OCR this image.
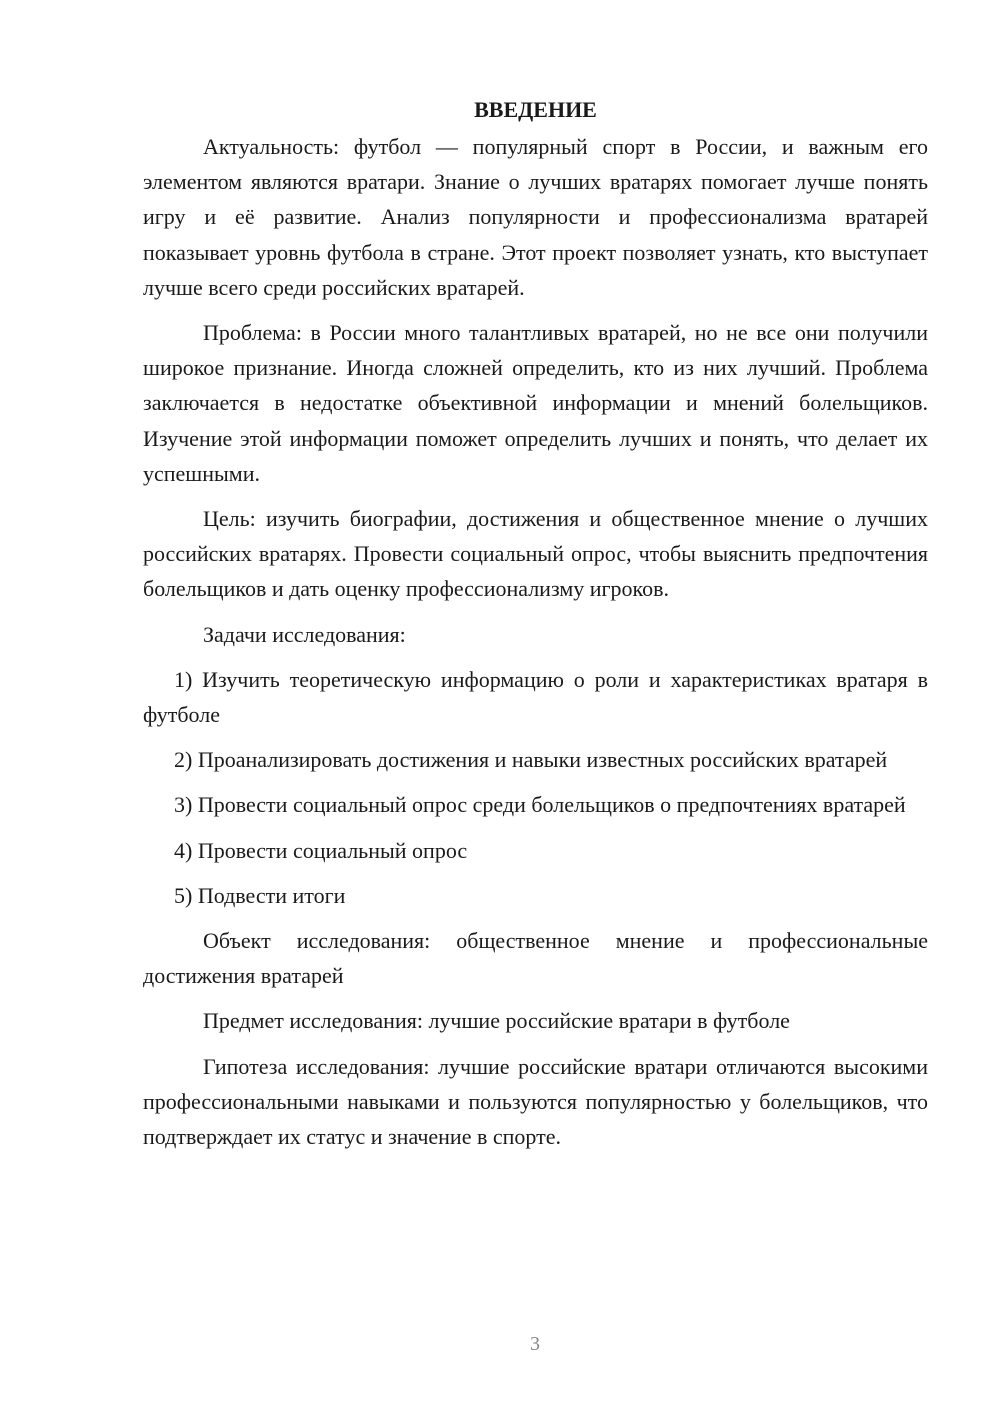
ВВЕДЕНИЕ

Актуальность: футбол — популярный спорт в России, и важным его элементом являются вратари. Знание о лучших вратарях помогает лучше понять игру и её развитие. Анализ популярности и профессионализма вратарей показывает уровнь футбола в стране. Этот проект позволяет узнать, кто выступает лучше всего среди российских вратарей.

Проблема: в России много талантливых вратарей, но не все они получили широкое признание. Иногда сложней определить, кто из них лучший. Проблема заключается в недостатке объективной информации и мнений болельщиков. Изучение этой информации поможет определить лучших и понять, что делает их успешными.

Цель: изучить биографии, достижения и общественное мнение о лучших российских вратарях. Провести социальный опрос, чтобы выяснить предпочтения болельщиков и дать оценку профессионализму игроков.

Задачи исследования:

1) Изучить теоретическую информацию о роли и характеристиках вратаря в футболе

2) Проанализировать достижения и навыки известных российских вратарей

3) Провести социальный опрос среди болельщиков о предпочтениях вратарей

4) Провести социальный опрос

5) Подвести итоги

Объект исследования: общественное мнение и профессиональные достижения вратарей

Предмет исследования: лучшие российские вратари в футболе

Гипотеза исследования: лучшие российские вратари отличаются высокими профессиональными навыками и пользуются популярностью у болельщиков, что подтверждает их статус и значение в спорте.

3
